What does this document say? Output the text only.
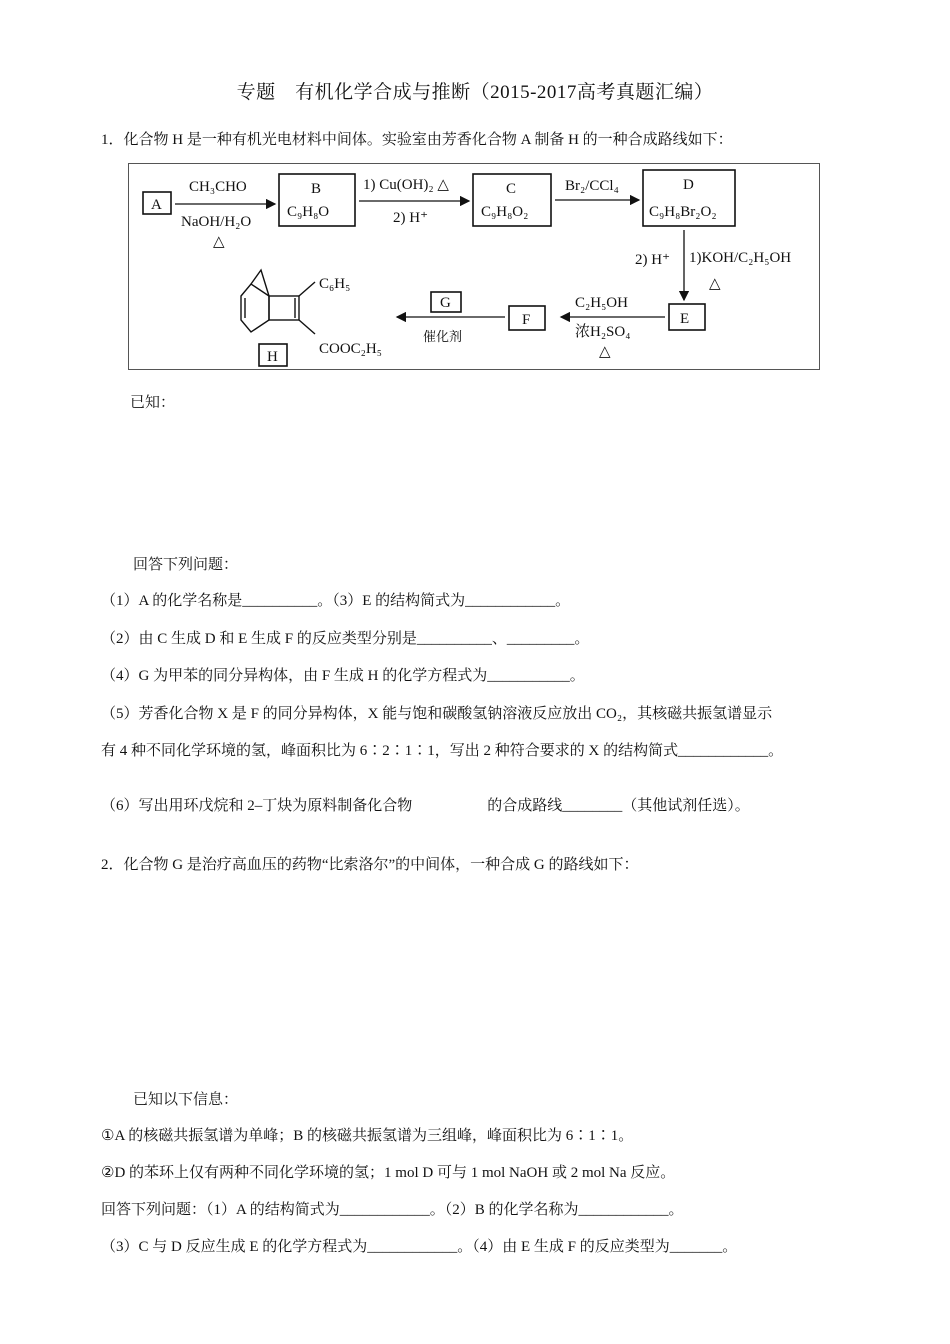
专题　有机化学合成与推断（2015-2017高考真题汇编）
1．化合物 H 是一种有机光电材料中间体。实验室由芳香化合物 A 制备 H 的一种合成路线如下：
A
CH₃CHO
NaOH/H₂O
△
B
C₉H₈O
1) Cu(OH)₂ △
2) H⁺
C
C₉H₈O₂
Br₂/CCl₄	D
C₉H₈Br₂O₂
2) H⁺ 1)KOH/C₂H₅OH
△
E
C₂H₅OH
浓H₂SO₄
△
F
G
催化剂
C₆H₅
COOC₂H₅
H
已知：
回答下列问题：
（1）A 的化学名称是__________。（3）E 的结构简式为____________。
（2）由 C 生成 D 和 E 生成 F 的反应类型分别是__________、_________。
（4）G 为甲苯的同分异构体，由 F 生成 H 的化学方程式为___________。
（5）芳香化合物 X 是 F 的同分异构体，X 能与饱和碳酸氢钠溶液反应放出 CO₂，其核磁共振氢谱显示
有 4 种不同化学环境的氢，峰面积比为 6∶2∶1∶1，写出 2 种符合要求的 X 的结构简式____________。
（6）写出用环戊烷和 2–丁炔为原料制备化合物　　　　　的合成路线________（其他试剂任选）。
2．化合物 G 是治疗高血压的药物“比索洛尔”的中间体，一种合成 G 的路线如下：
已知以下信息：
①A 的核磁共振氢谱为单峰；B 的核磁共振氢谱为三组峰，峰面积比为 6∶1∶1。
②D 的苯环上仅有两种不同化学环境的氢；1 mol D 可与 1 mol NaOH 或 2 mol Na 反应。
回答下列问题：（1）A 的结构简式为____________。（2）B 的化学名称为____________。
（3）C 与 D 反应生成 E 的化学方程式为____________。（4）由 E 生成 F 的反应类型为_______。
